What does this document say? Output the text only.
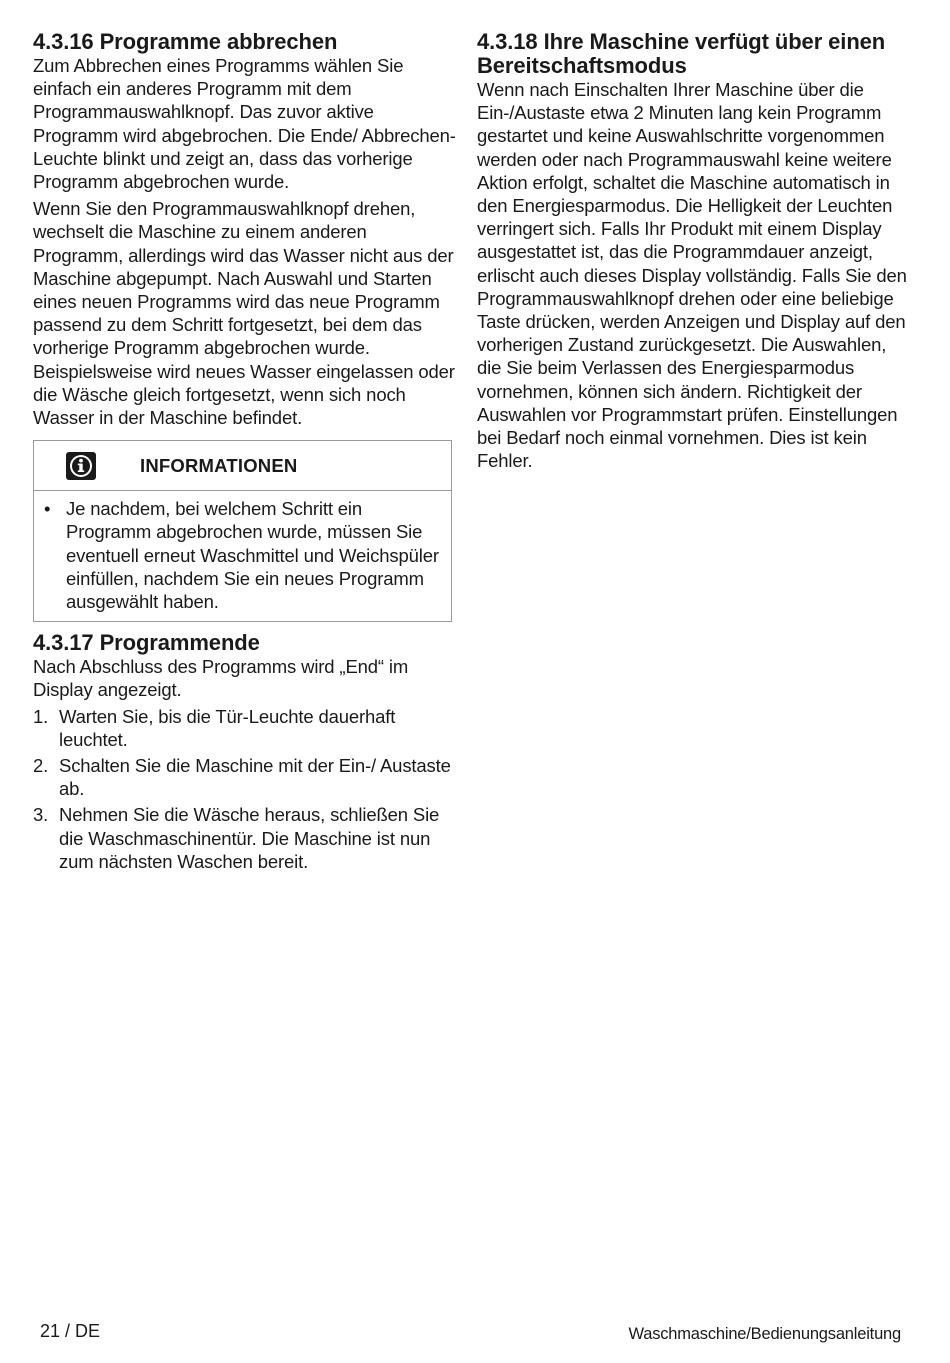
4.3.16 Programme abbrechen

Zum Abbrechen eines Programms wählen Sie einfach ein anderes Programm mit dem Programmauswahlknopf. Das zuvor aktive Programm wird abgebrochen. Die Ende/ Abbrechen-Leuchte blinkt und zeigt an, dass das vorherige Programm abgebrochen wurde.

Wenn Sie den Programmauswahlknopf drehen, wechselt die Maschine zu einem anderen Programm, allerdings wird das Wasser nicht aus der Maschine abgepumpt. Nach Auswahl und Starten eines neuen Programms wird das neue Programm passend zu dem Schritt fortgesetzt, bei dem das vorherige Programm abgebrochen wurde. Beispielsweise wird neues Wasser eingelassen oder die Wäsche gleich fortgesetzt, wenn sich noch Wasser in der Maschine befindet.

INFORMATIONEN
• Je nachdem, bei welchem Schritt ein Programm abgebrochen wurde, müssen Sie eventuell erneut Waschmittel und Weichspüler einfüllen, nachdem Sie ein neues Programm ausgewählt haben.
4.3.17 Programmende

Nach Abschluss des Programms wird „End“ im Display angezeigt.

1. Warten Sie, bis die Tür-Leuchte dauerhaft leuchtet.
2. Schalten Sie die Maschine mit der Ein-/ Austaste ab.
3. Nehmen Sie die Wäsche heraus, schließen Sie die Waschmaschinentür. Die Maschine ist nun zum nächsten Waschen bereit.
4.3.18 Ihre Maschine verfügt über einen Bereitschaftsmodus

Wenn nach Einschalten Ihrer Maschine über die Ein-/Austaste etwa 2 Minuten lang kein Programm gestartet und keine Auswahlschritte vorgenommen werden oder nach Programmauswahl keine weitere Aktion erfolgt, schaltet die Maschine automatisch in den Energiesparmodus. Die Helligkeit der Leuchten verringert sich. Falls Ihr Produkt mit einem Display ausgestattet ist, das die Programmdauer anzeigt, erlischt auch dieses Display vollständig. Falls Sie den Programmauswahlknopf drehen oder eine beliebige Taste drücken, werden Anzeigen und Display auf den vorherigen Zustand zurückgesetzt. Die Auswahlen, die Sie beim Verlassen des Energiesparmodus vornehmen, können sich ändern. Richtigkeit der Auswahlen vor Programmstart prüfen. Einstellungen bei Bedarf noch einmal vornehmen. Dies ist kein Fehler.

21 / DE	Waschmaschine/Bedienungsanleitung
